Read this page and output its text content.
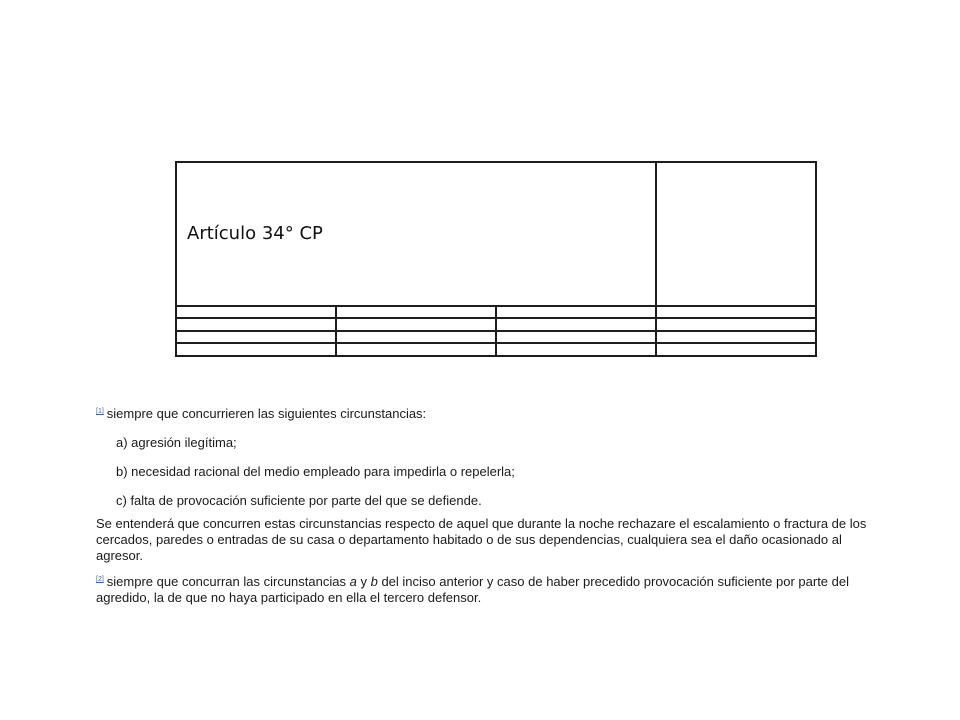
Artículo 34° CP			

[1] siempre que concurrieren las siguientes circunstancias:

a) agresión ilegítima;

b) necesidad racional del medio empleado para impedirla o repelerla;

c) falta de provocación suficiente por parte del que se defiende.

Se entenderá que concurren estas circunstancias respecto de aquel que durante la noche rechazare el escalamiento o fractura de los cercados, paredes o entradas de su casa o departamento habitado o de sus dependencias, cualquiera sea el daño ocasionado al agresor.

[2] siempre que concurran las circunstancias a y b del inciso anterior y caso de haber precedido provocación suficiente por parte del agredido, la de que no haya participado en ella el tercero defensor.
